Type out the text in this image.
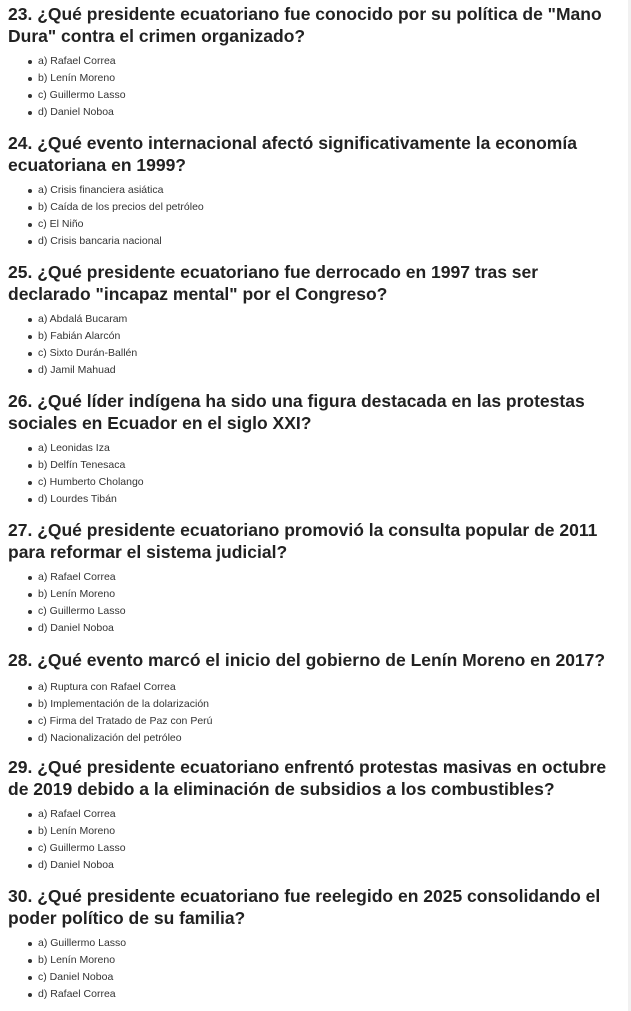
23. ¿Qué presidente ecuatoriano fue conocido por su política de "Mano Dura" contra el crimen organizado?
a) Rafael Correa
b) Lenín Moreno
c) Guillermo Lasso
d) Daniel Noboa
24. ¿Qué evento internacional afectó significativamente la economía ecuatoriana en 1999?
a) Crisis financiera asiática
b) Caída de los precios del petróleo
c) El Niño
d) Crisis bancaria nacional
25. ¿Qué presidente ecuatoriano fue derrocado en 1997 tras ser declarado "incapaz mental" por el Congreso?
a) Abdalá Bucaram
b) Fabián Alarcón
c) Sixto Durán-Ballén
d) Jamil Mahuad
26. ¿Qué líder indígena ha sido una figura destacada en las protestas sociales en Ecuador en el siglo XXI?
a) Leonidas Iza
b) Delfín Tenesaca
c) Humberto Cholango
d) Lourdes Tibán
27. ¿Qué presidente ecuatoriano promovió la consulta popular de 2011 para reformar el sistema judicial?
a) Rafael Correa
b) Lenín Moreno
c) Guillermo Lasso
d) Daniel Noboa
28. ¿Qué evento marcó el inicio del gobierno de Lenín Moreno en 2017?
a) Ruptura con Rafael Correa
b) Implementación de la dolarización
c) Firma del Tratado de Paz con Perú
d) Nacionalización del petróleo
29. ¿Qué presidente ecuatoriano enfrentó protestas masivas en octubre de 2019 debido a la eliminación de subsidios a los combustibles?
a) Rafael Correa
b) Lenín Moreno
c) Guillermo Lasso
d) Daniel Noboa
30. ¿Qué presidente ecuatoriano fue reelegido en 2025 consolidando el poder político de su familia?
a) Guillermo Lasso
b) Lenín Moreno
c) Daniel Noboa
d) Rafael Correa
